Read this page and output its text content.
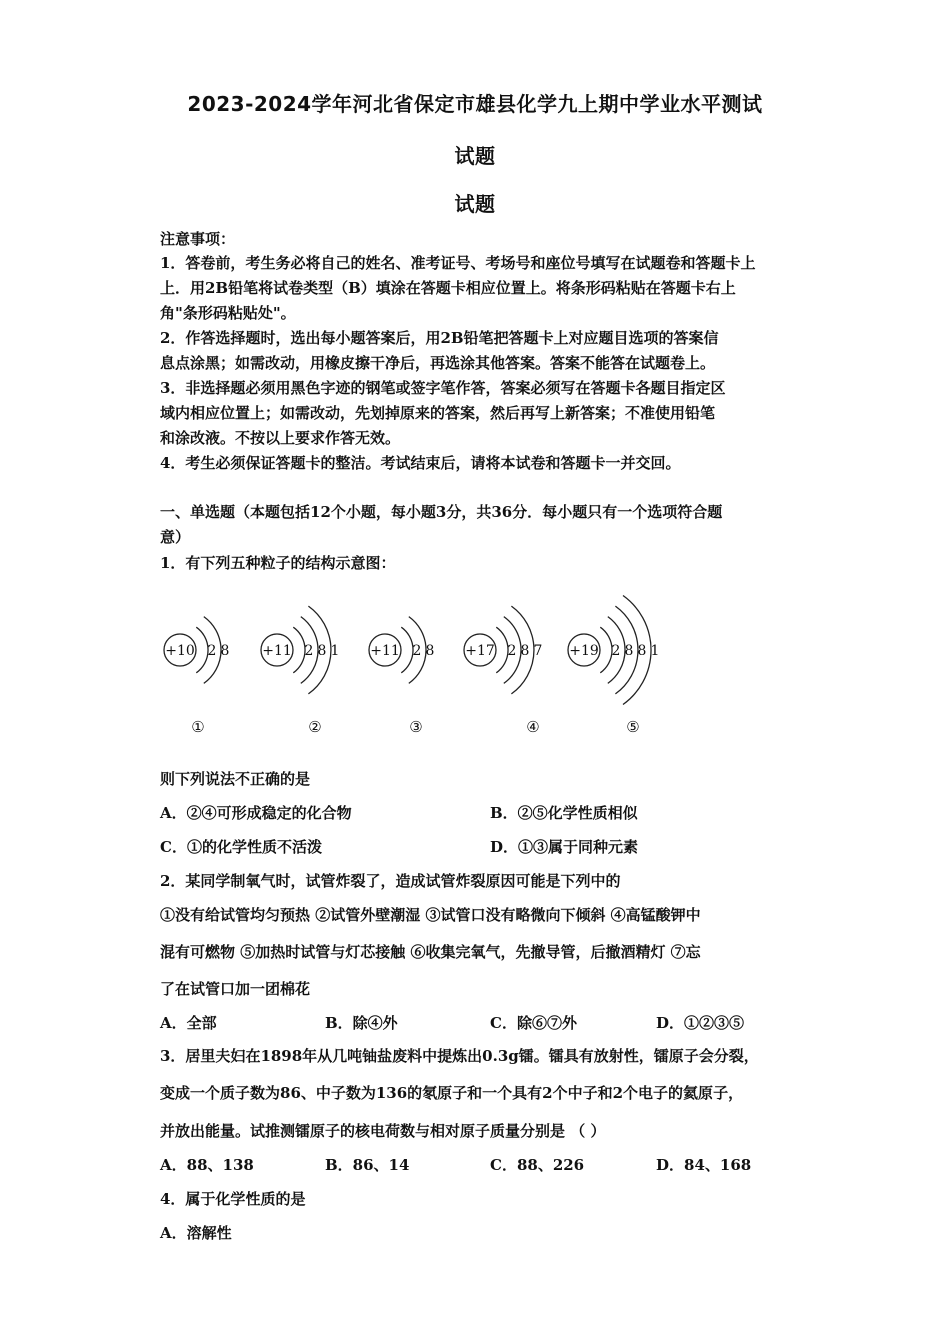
2023-2024学年河北省保定市雄县化学九上期中学业水平测试
试题
试题
注意事项：
1．答卷前，考生务必将自己的姓名、准考证号、考场号和座位号填写在试题卷和答题卡上
上．用2B铅笔将试卷类型（B）填涂在答题卡相应位置上。将条形码粘贴在答题卡右上
角"条形码粘贴处"。
2．作答选择题时，选出每小题答案后，用2B铅笔把答题卡上对应题目选项的答案信
息点涂黑；如需改动，用橡皮擦干净后，再选涂其他答案。答案不能答在试题卷上。
3．非选择题必须用黑色字迹的钢笔或签字笔作答，答案必须写在答题卡各题目指定区
域内相应位置上；如需改动，先划掉原来的答案，然后再写上新答案；不准使用铅笔
和涂改液。不按以上要求作答无效。
4．考生必须保证答题卡的整洁。考试结束后，请将本试卷和答题卡一并交回。
一、单选题（本题包括12个小题，每小题3分，共36分．每小题只有一个选项符合题
意）
1．有下列五种粒子的结构示意图：
+10 2 8
①
+11 2 8 1
②
+11 2 8
③
+17 2 8 7
④
+19 2 8 8 1
⑤
则下列说法不正确的是
A．②④可形成稳定的化合物	B．②⑤化学性质相似
C．①的化学性质不活泼	D．①③属于同种元素
2．某同学制氧气时，试管炸裂了，造成试管炸裂原因可能是下列中的
①没有给试管均匀预热 ②试管外壁潮湿 ③试管口没有略微向下倾斜 ④高锰酸钾中
混有可燃物 ⑤加热时试管与灯芯接触 ⑥收集完氧气，先撤导管，后撤酒精灯 ⑦忘
了在试管口加一团棉花
A．全部	B．除④外	C．除⑥⑦外	D．①②③⑤
3．居里夫妇在1898年从几吨铀盐废料中提炼出0.3g镭。镭具有放射性，镭原子会分裂，
变成一个质子数为86、中子数为136的氡原子和一个具有2个中子和2个电子的氦原子，
并放出能量。试推测镭原子的核电荷数与相对原子质量分别是 （ ）
A．88、138	B．86、14	C．88、226	D．84、168
4．属于化学性质的是
A．溶解性
